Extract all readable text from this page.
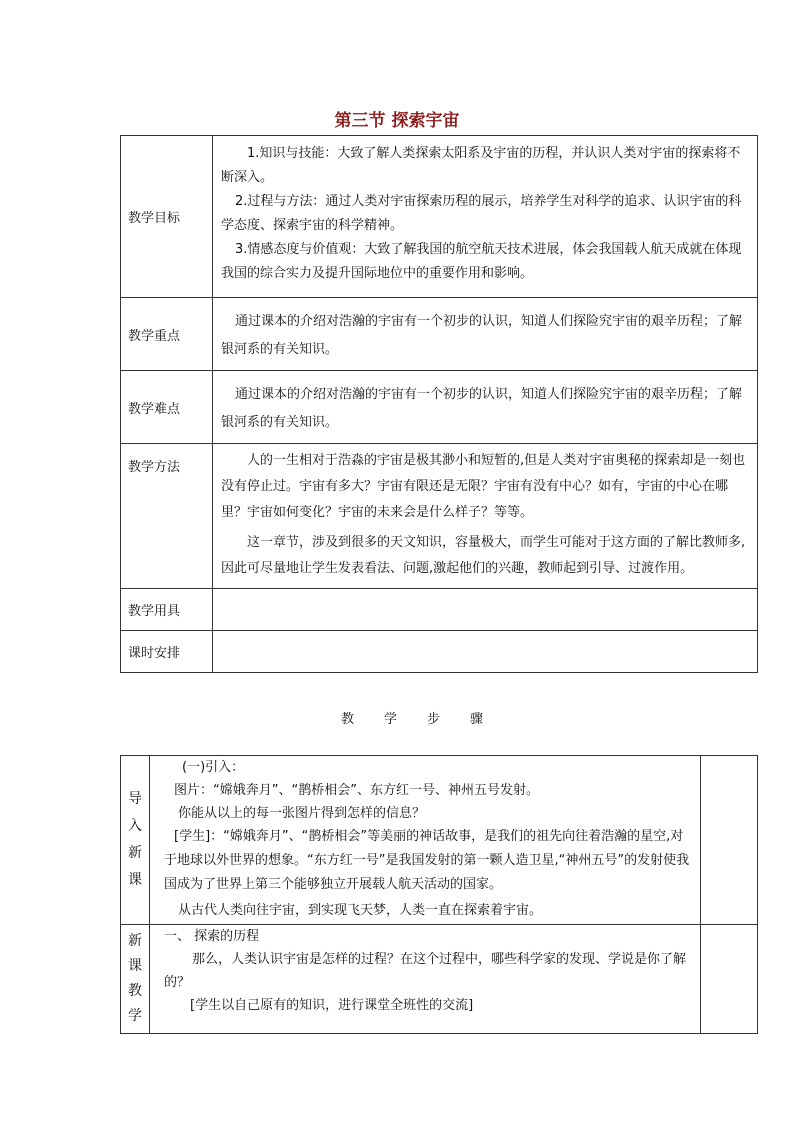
第三节 探索宇宙
教学目标	1.知识与技能：大致了解人类探索太阳系及宇宙的历程，并认识人类对宇宙的探索将不断深入。

2.过程与方法：通过人类对宇宙探索历程的展示，培养学生对科学的追求、认识宇宙的科学态度、探索宇宙的科学精神。

3.情感态度与价值观：大致了解我国的航空航天技术进展，体会我国载人航天成就在体现我国的综合实力及提升国际地位中的重要作用和影响。

教学重点	通过课本的介绍对浩瀚的宇宙有一个初步的认识，知道人们探险究宇宙的艰辛历程；了解银河系的有关知识。

教学难点	通过课本的介绍对浩瀚的宇宙有一个初步的认识，知道人们探险究宇宙的艰辛历程；了解银河系的有关知识。

教学方法	人的一生相对于浩淼的宇宙是极其渺小和短暂的,但是人类对宇宙奥秘的探索却是一刻也没有停止过。宇宙有多大？宇宙有限还是无限？宇宙有没有中心？如有，宇宙的中心在哪里？宇宙如何变化？宇宙的未来会是什么样子？等等。

这一章节，涉及到很多的天文知识，容量极大，而学生可能对于这方面的了解比教师多,因此可尽量地让学生发表看法、问题,激起他们的兴趣，教师起到引导、过渡作用。

教学用具	
课时安排	
教学步骤
导入新课	(一)引入：

图片：“嫦娥奔月”、“鹊桥相会”、东方红一号、神州五号发射。

你能从以上的每一张图片得到怎样的信息？

[学生]：“嫦娥奔月”、“鹊桥相会”等美丽的神话故事，是我们的祖先向往着浩瀚的星空,对于地球以外世界的想象。“东方红一号”是我国发射的第一颗人造卫星,“神州五号”的发射使我国成为了世界上第三个能够独立开展载人航天活动的国家。

从古代人类向往宇宙，到实现飞天梦，人类一直在探索着宇宙。	

新课教学	一、 探索的历程

那么，人类认识宇宙是怎样的过程？在这个过程中，哪些科学家的发现、学说是你了解的？

[学生以自己原有的知识，进行课堂全班性的交流]	
